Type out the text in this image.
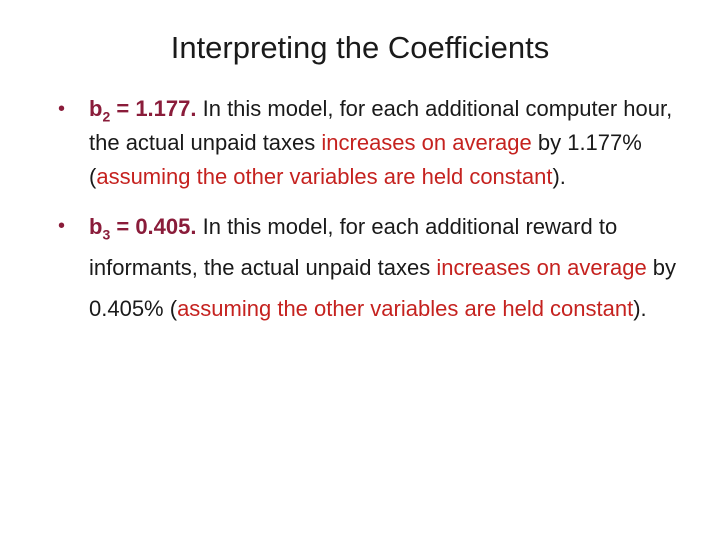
Interpreting the Coefficients
• $b_2 = 1.177$. In this model, for each additional computer hour, the actual unpaid taxes increases on average by 1.177% (assuming the other variables are held constant).
• $b_3 = 0.405$. In this model, for each additional reward to informants, the actual unpaid taxes increases on average by 0.405% (assuming the other variables are held constant).
